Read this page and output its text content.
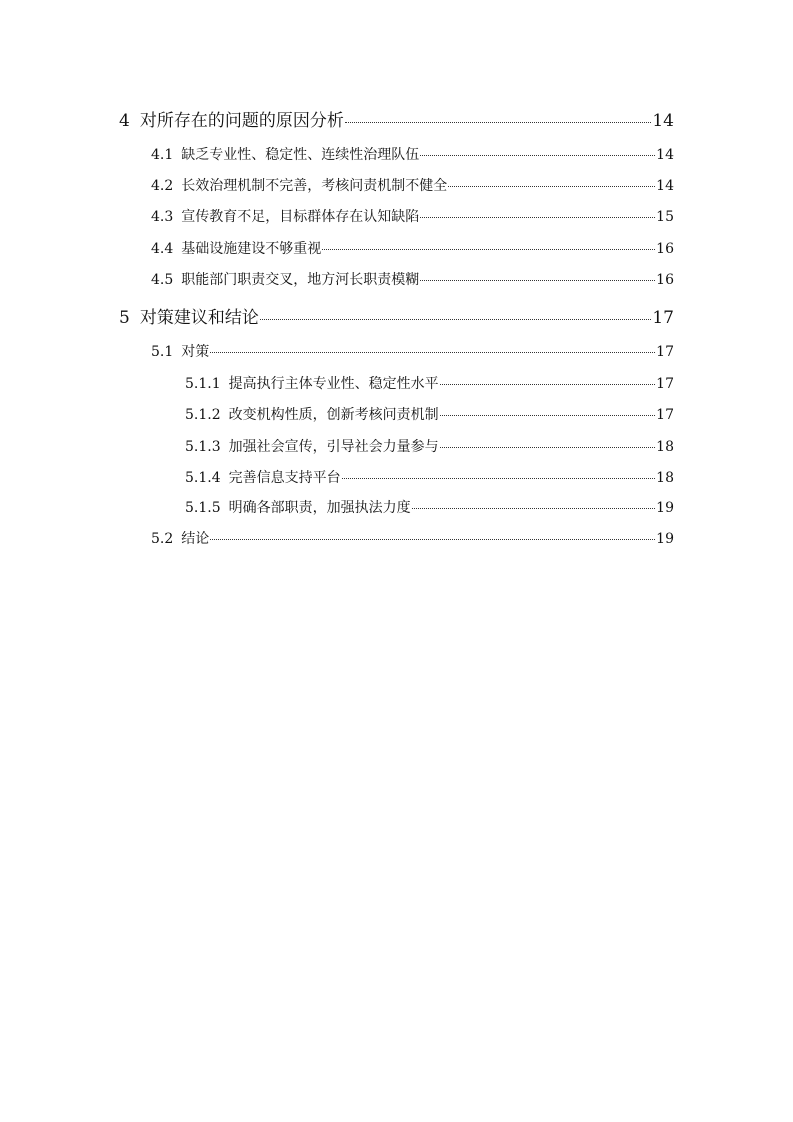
4 对所存在的问题的原因分析	14
4.1 缺乏专业性、稳定性、连续性治理队伍	14
4.2 长效治理机制不完善，考核问责机制不健全	14
4.3 宣传教育不足，目标群体存在认知缺陷	15
4.4 基础设施建设不够重视	16
4.5 职能部门职责交叉，地方河长职责模糊	16
5 对策建议和结论	17
5.1 对策	17
5.1.1 提高执行主体专业性、稳定性水平	17
5.1.2 改变机构性质，创新考核问责机制	17
5.1.3 加强社会宣传，引导社会力量参与	18
5.1.4 完善信息支持平台	18
5.1.5 明确各部职责，加强执法力度	19
5.2 结论	19
